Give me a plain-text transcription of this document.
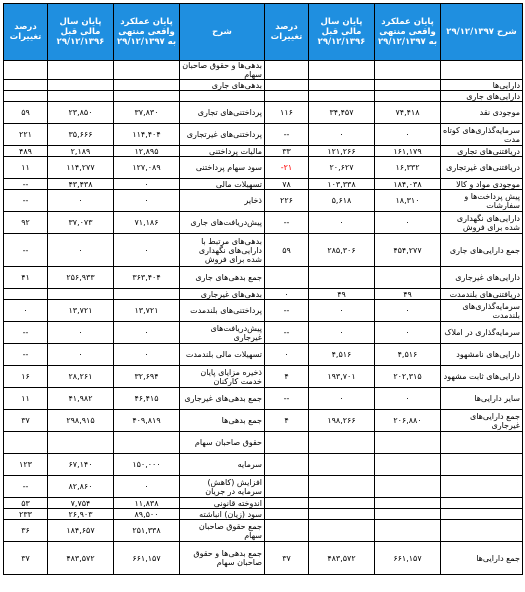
شرح ۲۹/۱۲/۱۳۹۷	پایان عملکرد واقعی منتهی به ۲۹/۱۲/۱۳۹۷	پایان سال مالی قبل ۲۹/۱۲/۱۳۹۶	درصد تغییرات	شرح	پایان عملکرد واقعی منتهی به ۲۹/۱۲/۱۳۹۷	پایان سال مالی قبل ۲۹/۱۲/۱۳۹۶	درصد تغییرات
				بدهی‌ها و حقوق صاحبان سهام			
دارایی‌ها				بدهی‌های جاری			
دارایی‌های جاری							
موجودی نقد	۷۴,۴۱۸	۳۴,۴۵۷	۱۱۶	پرداختنی‌های تجاری	۳۷,۸۳۰	۲۳,۸۵۰	۵۹
سرمایه‌گذاری‌های کوتاه مدت	۰	۰	--	پرداختنی‌های غیرتجاری	۱۱۴,۴۰۴	۳۵,۶۶۶	۲۲۱
دریافتنی‌های تجاری	۱۶۱,۱۷۹	۱۲۱,۲۶۶	۳۳	مالیات پرداختنی	۱۲,۸۹۵	۲,۱۸۹	۴۸۹
دریافتنی‌های غیرتجاری	۱۶,۳۳۲	۲۰,۶۲۷	-۲۱	سود سهام پرداختنی	۱۲۷,۰۸۹	۱۱۴,۲۷۷	۱۱
موجودی مواد و کالا	۱۸۴,۰۳۸	۱۰۳,۳۳۸	۷۸	تسهیلات مالی	۰	۴۳,۴۳۸	--
پیش پرداخت‌ها و سفارشات	۱۸,۳۱۰	۵,۶۱۸	۲۲۶	ذخایر	۰	۰	--
دارایی‌های نگهداری شده برای فروش	۰	۰	--	پیش‌دریافت‌های جاری	۷۱,۱۸۶	۳۷,۰۷۳	۹۲
جمع دارایی‌های جاری	۴۵۴,۲۷۷	۲۸۵,۳۰۶	۵۹	بدهی‌های مرتبط با دارایی‌های نگهداری شده برای فروش	۰	۰	--
دارایی‌های غیرجاری				جمع بدهی‌های جاری	۳۶۳,۴۰۴	۲۵۶,۹۳۳	۴۱
دریافتنی‌های بلندمدت	۴۹	۴۹	۰	بدهی‌های غیرجاری			
سرمایه‌گذاری‌های بلندمدت	۰	۰	--	پرداختنی‌های بلندمدت	۱۳,۷۲۱	۱۳,۷۲۱	۰
سرمایه‌گذاری در املاک	۰	۰	--	پیش‌دریافت‌های غیرجاری	۰	۰	--
دارایی‌های نامشهود	۴,۵۱۶	۴,۵۱۶	۰	تسهیلات مالی بلندمدت	۰	۰	--
دارایی‌های ثابت مشهود	۲۰۲,۳۱۵	۱۹۳,۷۰۱	۴	ذخیره مزایای پایان خدمت کارکنان	۳۲,۶۹۴	۲۸,۲۶۱	۱۶
سایر دارایی‌ها	۰	۰	--	جمع بدهی‌های غیرجاری	۴۶,۴۱۵	۴۱,۹۸۲	۱۱
جمع دارایی‌های غیرجاری	۲۰۶,۸۸۰	۱۹۸,۲۶۶	۴	جمع بدهی‌ها	۴۰۹,۸۱۹	۲۹۸,۹۱۵	۳۷
				حقوق صاحبان سهام			
				سرمایه	۱۵۰,۰۰۰	۶۷,۱۴۰	۱۲۳
				افزایش (کاهش) سرمایه در جریان	۰	۸۲,۸۶۰	--
				اندوخته قانونی	۱۱,۸۳۸	۷,۷۵۴	۵۳
				سود (زیان) انباشته	۸۹,۵۰۰	۲۶,۹۰۳	۲۳۳
				جمع حقوق صاحبان سهام	۲۵۱,۳۳۸	۱۸۴,۶۵۷	۳۶
جمع دارایی‌ها	۶۶۱,۱۵۷	۴۸۳,۵۷۲	۳۷	جمع بدهی‌ها و حقوق صاحبان سهام	۶۶۱,۱۵۷	۴۸۳,۵۷۲	۳۷
